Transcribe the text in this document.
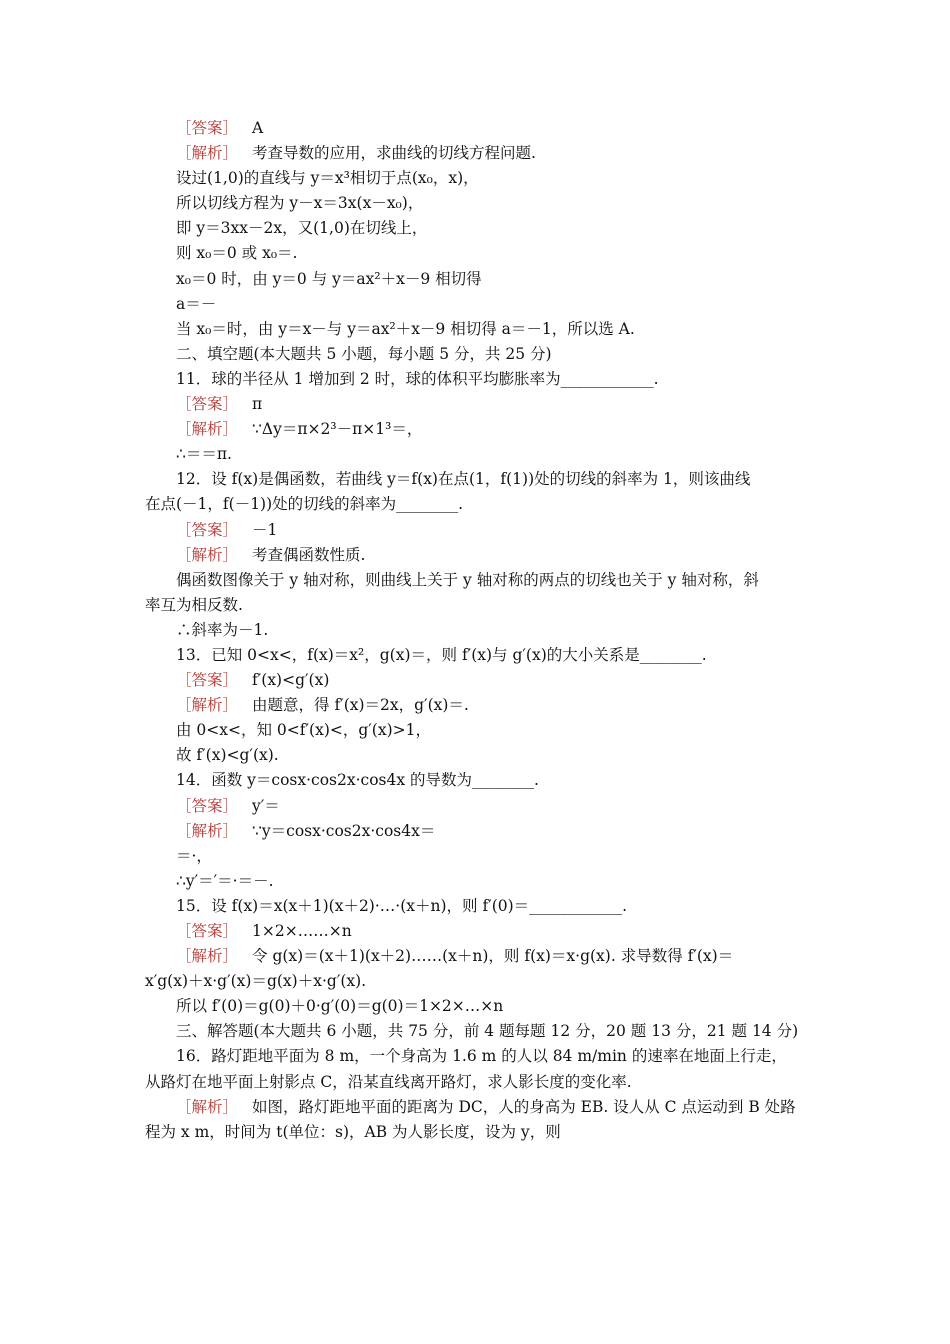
［答案］ A
［解析］ 考查导数的应用，求曲线的切线方程问题.
设过(1,0)的直线与 y＝x³相切于点(x₀，x)，
所以切线方程为 y－x＝3x(x－x₀)，
即 y＝3xx－2x，又(1,0)在切线上，
则 x₀＝0 或 x₀＝.
x₀＝0 时，由 y＝0 与 y＝ax²＋x－9 相切得
a＝－
当 x₀＝时，由 y＝x－与 y＝ax²＋x－9 相切得 a＝－1，所以选 A.
二、填空题(本大题共 5 小题，每小题 5 分，共 25 分)
11．球的半径从 1 增加到 2 时，球的体积平均膨胀率为____________.
［答案］ π
［解析］ ∵Δy＝π×2³－π×1³＝，
∴＝＝π.
12．设 f(x)是偶函数，若曲线 y＝f(x)在点(1，f(1))处的切线的斜率为 1，则该曲线
在点(－1，f(－1))处的切线的斜率为________.
［答案］ －1
［解析］ 考查偶函数性质.
偶函数图像关于 y 轴对称，则曲线上关于 y 轴对称的两点的切线也关于 y 轴对称，斜
率互为相反数.
∴斜率为－1.
13．已知 0<x<，f(x)＝x²，g(x)＝，则 f′(x)与 g′(x)的大小关系是________.
［答案］ f′(x)<g′(x)
［解析］ 由题意，得 f′(x)＝2x，g′(x)＝.
由 0<x<，知 0<f′(x)<，g′(x)>1，
故 f′(x)<g′(x).
14．函数 y＝cosx·cos2x·cos4x 的导数为________.
［答案］ y′＝
［解析］ ∵y＝cosx·cos2x·cos4x＝
＝·，
∴y′＝′＝·＝－.
15．设 f(x)＝x(x＋1)(x＋2)·…·(x＋n)，则 f′(0)＝____________.
［答案］ 1×2×……×n
［解析］ 令 g(x)＝(x＋1)(x＋2)……(x＋n)，则 f(x)＝x·g(x). 求导数得 f′(x)＝
x′g(x)＋x·g′(x)＝g(x)＋x·g′(x).
所以 f′(0)＝g(0)＋0·g′(0)＝g(0)＝1×2×…×n
三、解答题(本大题共 6 小题，共 75 分，前 4 题每题 12 分，20 题 13 分，21 题 14 分)
16．路灯距地平面为 8 m，一个身高为 1.6 m 的人以 84 m/min 的速率在地面上行走，
从路灯在地平面上射影点 C，沿某直线离开路灯，求人影长度的变化率.
［解析］ 如图，路灯距地平面的距离为 DC，人的身高为 EB. 设人从 C 点运动到 B 处路
程为 x m，时间为 t(单位：s)，AB 为人影长度，设为 y，则
